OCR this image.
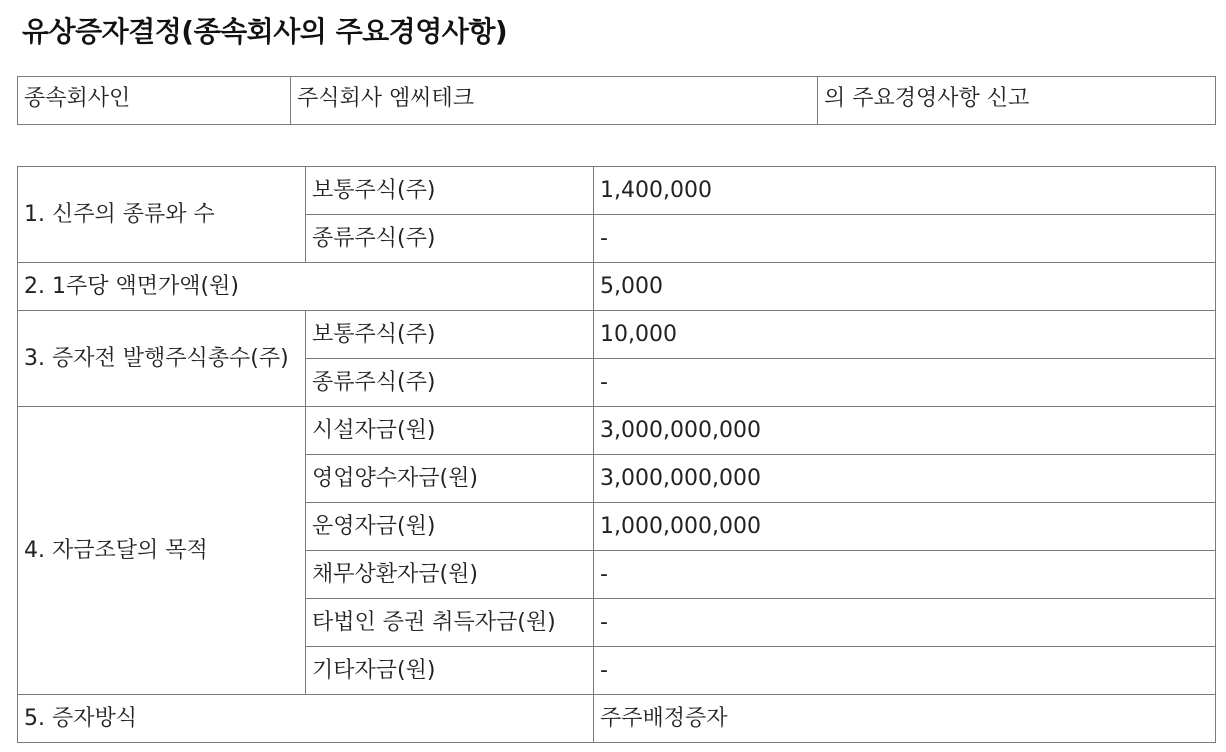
유상증자결정(종속회사의 주요경영사항)
종속회사인	주식회사 엠씨테크	의 주요경영사항 신고
1. 신주의 종류와 수	보통주식(주)	1,400,000
	종류주식(주)	-
2. 1주당 액면가액(원)		5,000
3. 증자전 발행주식총수(주)	보통주식(주)	10,000
	종류주식(주)	-
4. 자금조달의 목적	시설자금(원)	3,000,000,000
	영업양수자금(원)	3,000,000,000
	운영자금(원)	1,000,000,000
	채무상환자금(원)	-
	타법인 증권 취득자금(원)	-
	기타자금(원)	-
5. 증자방식		주주배정증자
